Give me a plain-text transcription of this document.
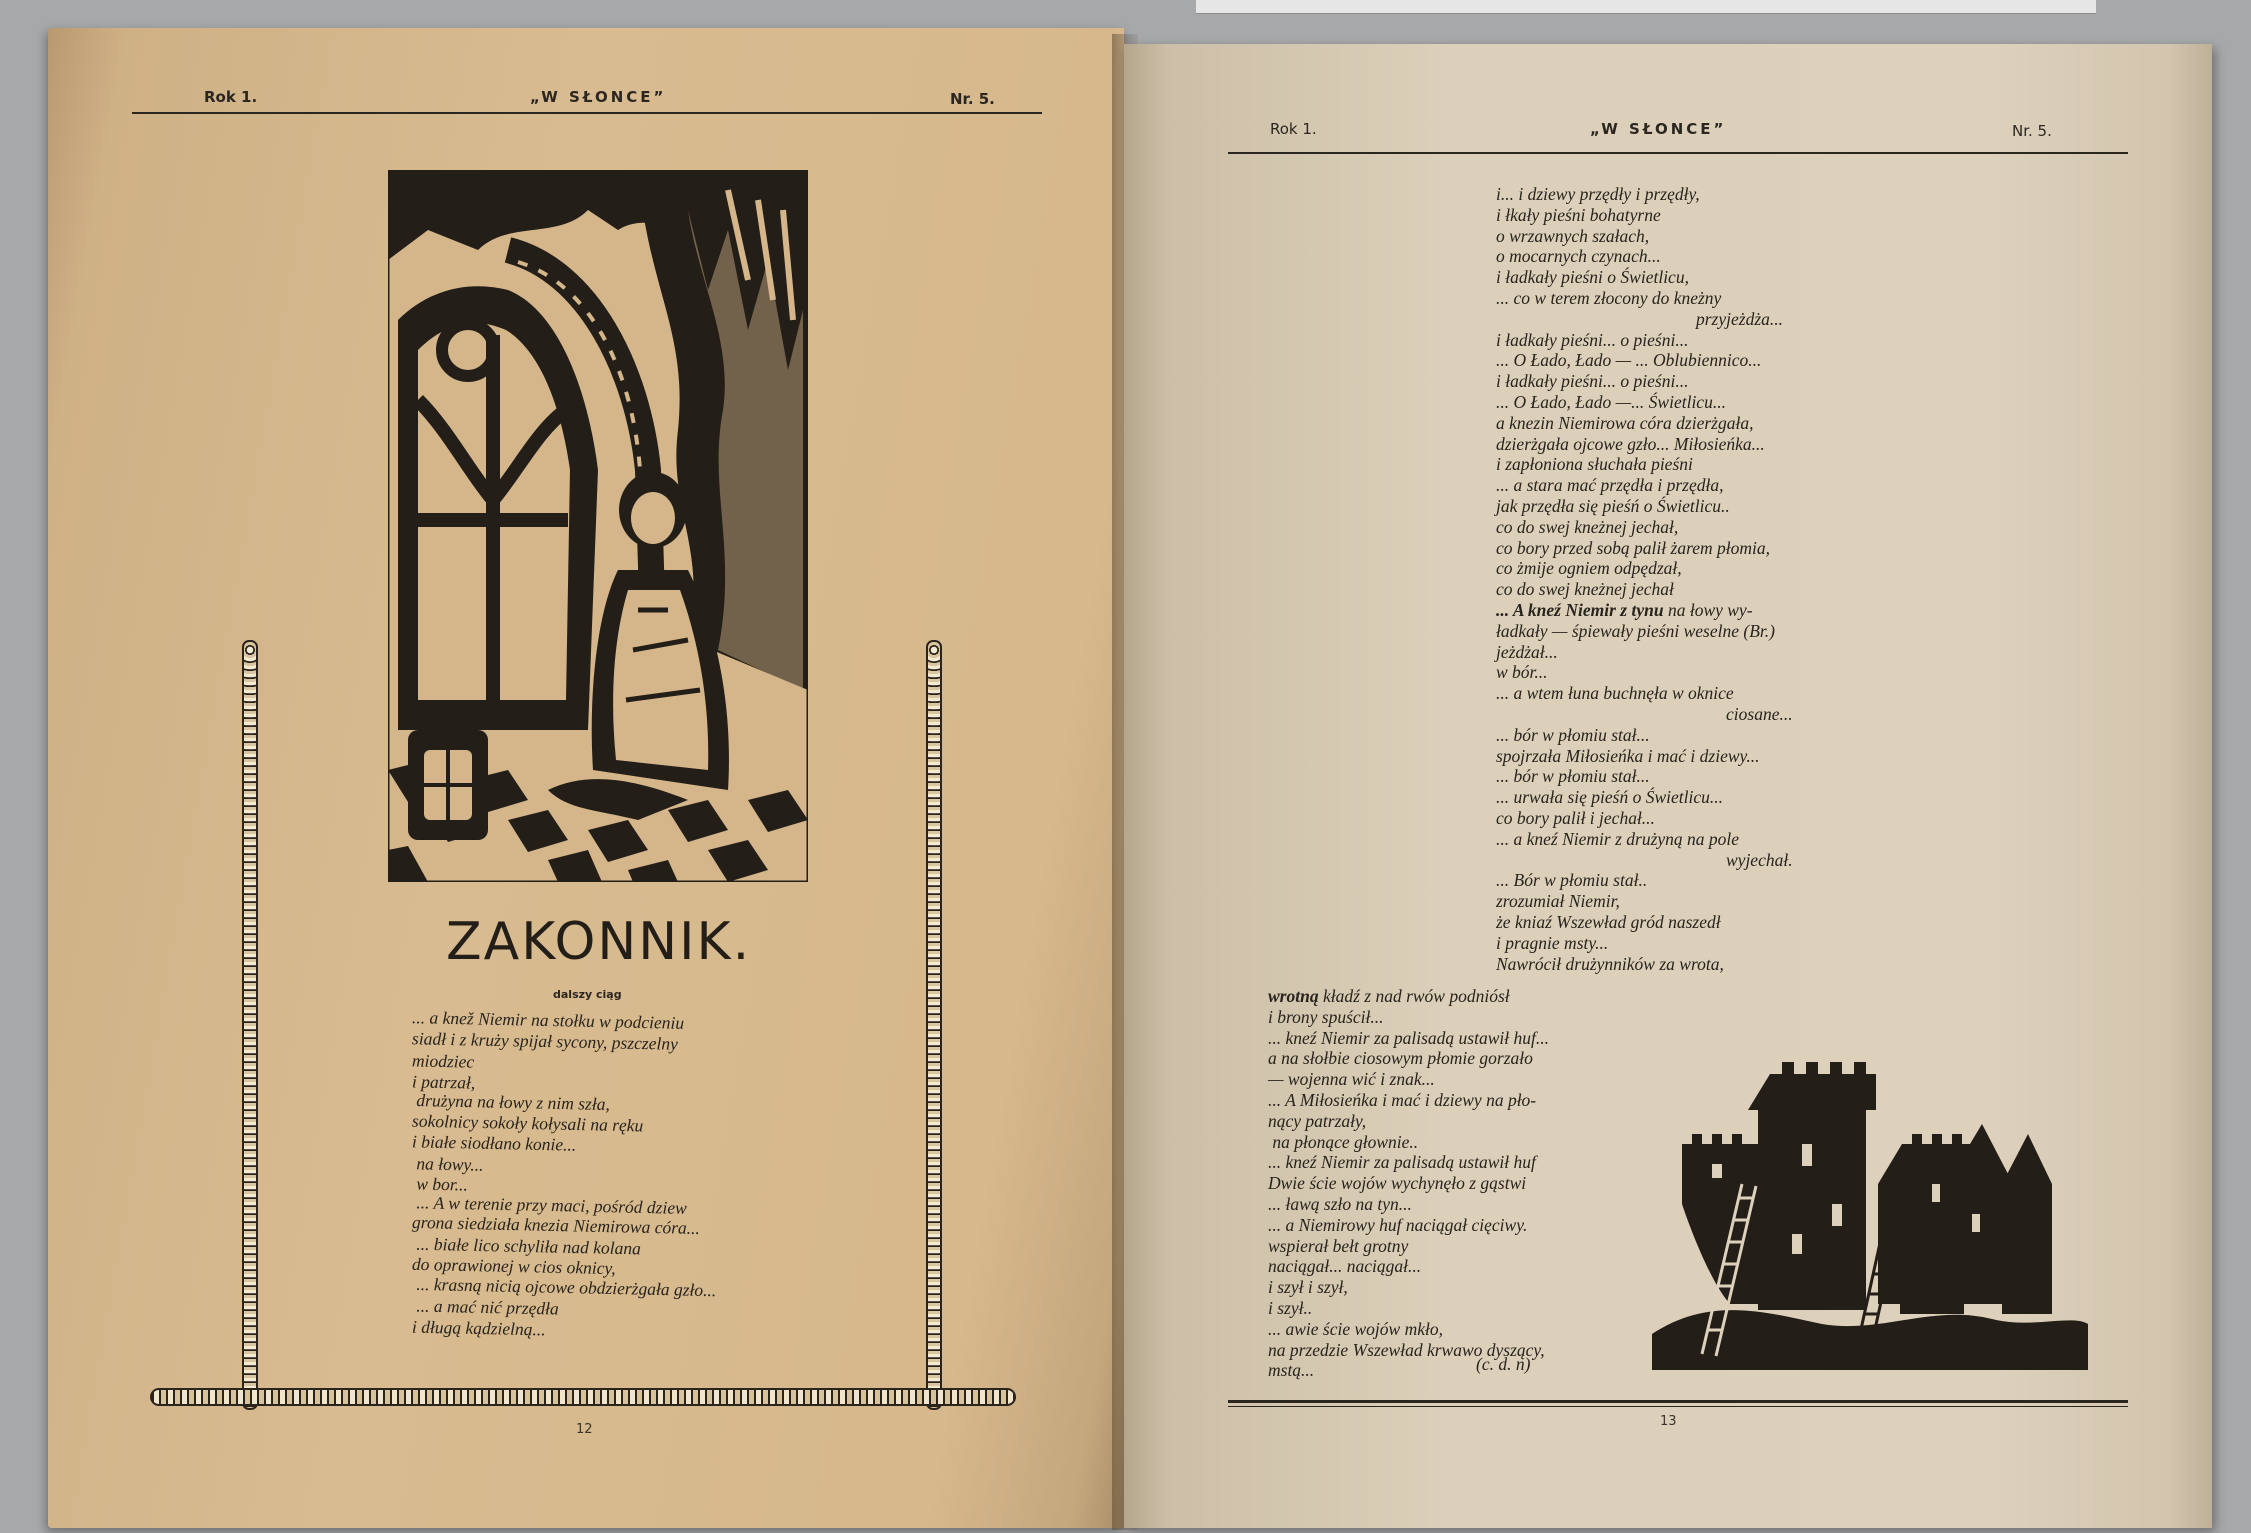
Rok 1.	„W SŁONCE”	Nr. 5.
ZAKONNIK.
dalszy ciąg
... a knež Niemir na stołku w podcieniu
siadł i z krużу spijał sycony, pszczelny
miodziec
i patrzał,
drużyna na łowy z nim szła,
sokolnicy sokoły kołysali na ręku
i białe siodłano konie...
na łowy...
w bor...
... A w terenie przy maci, pośród dziew
grona siedziała knezia Niemirowa córa...
... białe lico schyliła nad kolana
do oprawionej w cios oknicy,
... krasną nicią ojcowe obdzierżgała gzło...
... a mać nić przędła
i długą kądzielną...
12
Rok 1.	„W SŁONCE”	Nr. 5.
i... i dziewy przędły i przędły,
i łkały pieśni bohatyrne
o wrzawnych szałach,
o mocarnych czynach...
i ładkały pieśni o Świetlicu,
... co w terem złocony do kneżny
przyjeżdża...
i ładkały pieśni... o pieśni...
... O Łado, Łado — ... Oblubiennico...
i ładkały pieśni... o pieśni...
... O Łado, Łado —... Świetlicu...
a knezin Niemirowa córa dzierżgała,
dzierżgała ojcowe gzło... Miłosieńka...
i zapłoniona słuchała pieśni
... a stara mać przędła i przędła,
jak przędła się pieśń o Świetlicu..
co do swej kneżnej jechał,
co bory przed sobą palił żarem płomia,
co żmije ogniem odpędzał,
co do swej kneżnej jechał
... A kneź Niemir z tynu na łowy wy-
ładkały — śpiewały pieśni weselne (Br.)
jeżdżał...
w bór...
... a wtem łuna buchnęła w oknice
ciosane...
... bór w płomiu stał...
spojrzała Miłosieńka i mać i dziewy...
... bór w płomiu stał...
... urwała się pieśń o Świetlicu...
co bory palił i jechał...
... a kneź Niemir z drużyną na pole
wyjechał.
... Bór w płomiu stał..
zrozumiał Niemir,
że kniaź Wszewład gród naszedł
i pragnie msty...
Nawrócił drużynników za wrota,
wrotną kładź z nad rwów podniósł
i brony spuścił...
... kneź Niemir za palisadą ustawił huf...
a na słołbie ciosowym płomie gorzało
— wojenna wić i znak...
... A Miłosieńka i mać i dziewy na pło-
nący patrzały,
na płonące głownie..
... kneź Niemir za palisadą ustawił huf
Dwie ście wojów wychynęło z gąstwi
... ławą szło na tyn...
... a Niemirowy huf naciągał cięciwy.
wspierał bełt grotny
naciągał... naciągał...
i szył i szył,
i szył..
... awie ście wojów mkło,
na przedzie Wszewład krwawo dyszący,
mstą...	(c. d. n)
13
